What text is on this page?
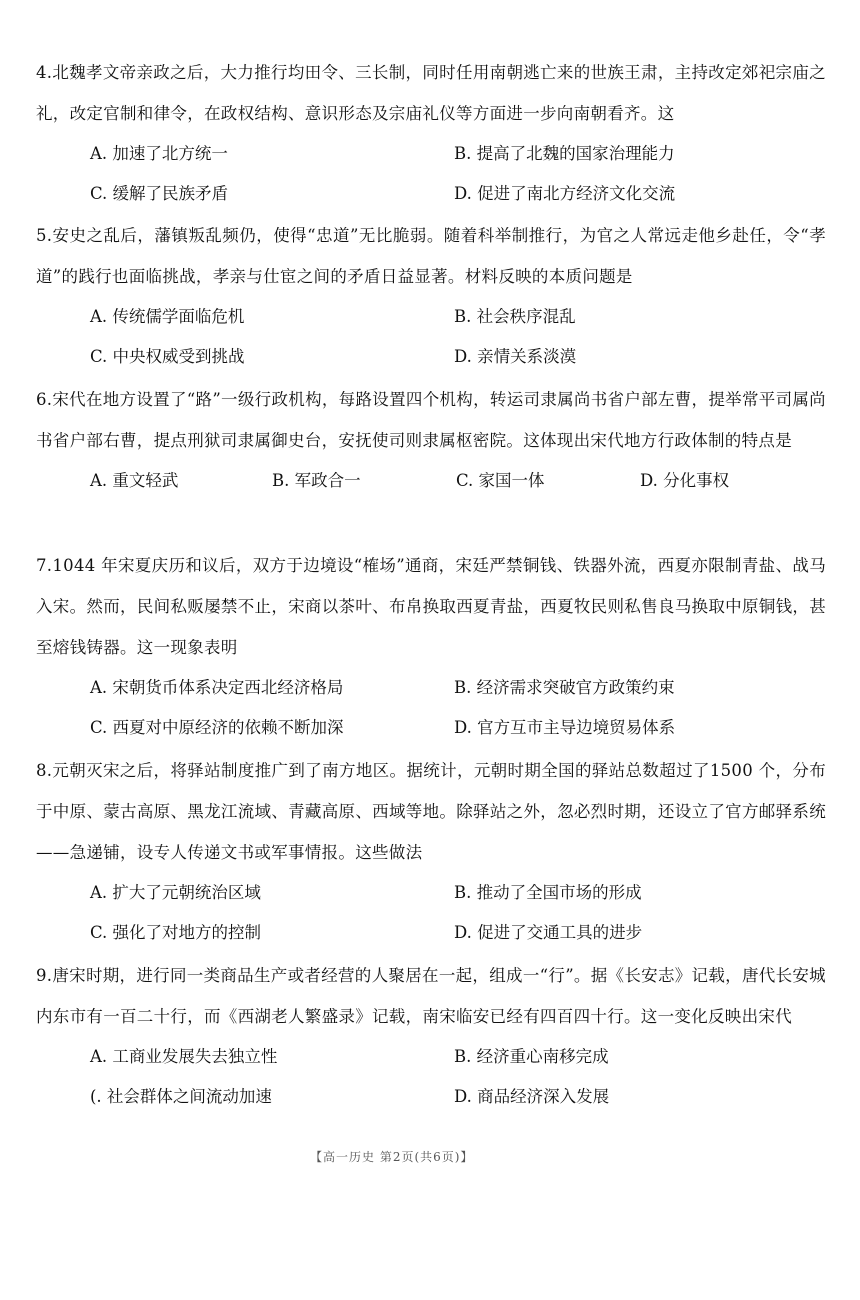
4.北魏孝文帝亲政之后，大力推行均田令、三长制，同时任用南朝逃亡来的世族王肃，主持改定郊祀宗庙之礼，改定官制和律令，在政权结构、意识形态及宗庙礼仪等方面进一步向南朝看齐。这
A. 加速了北方统一	B. 提高了北魏的国家治理能力
C. 缓解了民族矛盾	D. 促进了南北方经济文化交流
5.安史之乱后，藩镇叛乱频仍，使得“忠道”无比脆弱。随着科举制推行，为官之人常远走他乡赴任，令“孝道”的践行也面临挑战，孝亲与仕宦之间的矛盾日益显著。材料反映的本质问题是
A. 传统儒学面临危机	B. 社会秩序混乱
C. 中央权威受到挑战	D. 亲情关系淡漠
6.宋代在地方设置了“路”一级行政机构，每路设置四个机构，转运司隶属尚书省户部左曹，提举常平司属尚书省户部右曹，提点刑狱司隶属御史台，安抚使司则隶属枢密院。这体现出宋代地方行政体制的特点是
A. 重文轻武	B. 军政合一	C. 家国一体	D. 分化事权
7.1044 年宋夏庆历和议后，双方于边境设“榷场”通商，宋廷严禁铜钱、铁器外流，西夏亦限制青盐、战马入宋。然而，民间私贩屡禁不止，宋商以茶叶、布帛换取西夏青盐，西夏牧民则私售良马换取中原铜钱，甚至熔钱铸器。这一现象表明
A. 宋朝货币体系决定西北经济格局	B. 经济需求突破官方政策约束
C. 西夏对中原经济的依赖不断加深	D. 官方互市主导边境贸易体系
8.元朝灭宋之后，将驿站制度推广到了南方地区。据统计，元朝时期全国的驿站总数超过了1500 个，分布于中原、蒙古高原、黑龙江流域、青藏高原、西域等地。除驿站之外，忽必烈时期，还设立了官方邮驿系统——急递铺，设专人传递文书或军事情报。这些做法
A. 扩大了元朝统治区域	B. 推动了全国市场的形成
C. 强化了对地方的控制	D. 促进了交通工具的进步
9.唐宋时期，进行同一类商品生产或者经营的人聚居在一起，组成一“行”。据《长安志》记载，唐代长安城内东市有一百二十行，而《西湖老人繁盛录》记载，南宋临安已经有四百四十行。这一变化反映出宋代
A. 工商业发展失去独立性	B. 经济重心南移完成
(. 社会群体之间流动加速	D. 商品经济深入发展
【高一历史 第2页(共6页)】
